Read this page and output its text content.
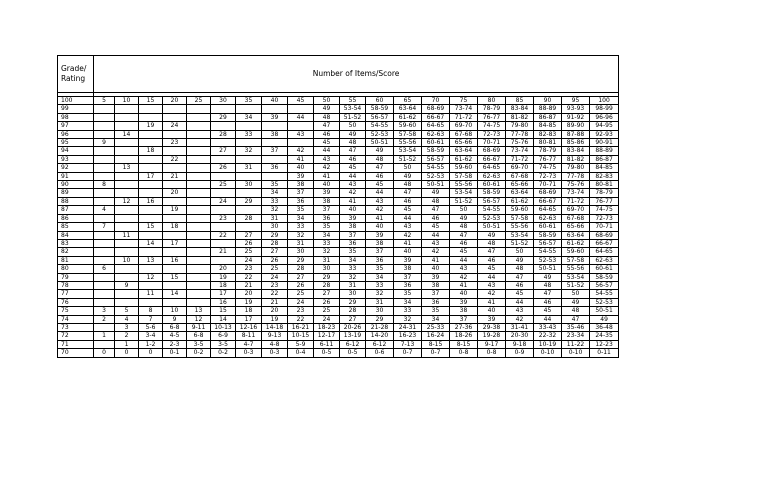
Grade/
Rating	Number of Items/Score																			

100	5	10	15	20	25	30	35	40	45	50	55	60	65	70	75	80	85	90	95	100
99										49	53-54	58-59	63-64	68-69	73-74	78-79	83-84	88-89	93-93	98-99
98						29	34	39	44	48	51-52	56-57	61-62	66-67	71-72	76-77	81-82	86-87	91-92	96-96
97			19	24						47	50	54-55	59-60	64-65	69-70	74-75	79-80	84-85	89-90	94-95
96		14				28	33	38	43	46	49	52-53	57-58	62-63	67-68	72-73	77-78	82-83	87-88	92-93
95	9			23						45	48	50-51	55-56	60-61	65-66	70-71	75-76	80-81	85-86	90-91
94			18			27	32	37	42	44	47	49	53-54	58-59	63-64	68-69	73-74	78-79	83-84	88-89
93				22					41	43	46	48	51-52	56-57	61-62	66-67	71-72	76-77	81-82	86-87
92		13				26	31	36	40	42	45	47	50	54-55	59-60	64-65	69-70	74-75	79-80	84-85
91			17	21					39	41	44	46	49	52-53	57-58	62-63	67-68	72-73	77-78	82-83
90	8					25	30	35	38	40	43	45	48	50-51	55-56	60-61	65-66	70-71	75-76	80-81
89				20				34	37	39	42	44	47	49	53-54	58-59	63-64	68-69	73-74	78-79
88		12	16			24	29	33	36	38	41	43	46	48	51-52	56-57	61-62	66-67	71-72	76-77
87	4			19				32	35	37	40	42	45	47	50	54-55	59-60	64-65	69-70	74-75
86						23	28	31	34	36	39	41	44	46	49	52-53	57-58	62-63	67-68	72-73
85	7		15	18				30	33	35	38	40	43	45	48	50-51	55-56	60-61	65-66	70-71
84		11				22	27	29	32	34	37	39	42	44	47	49	53-54	58-59	63-64	68-69
83			14	17			26	28	31	33	36	38	41	43	46	48	51-52	56-57	61-62	66-67
82						21	25	27	30	32	35	37	40	42	45	47	50	54-55	59-60	64-65
81		10	13	16			24	26	29	31	34	36	39	41	44	46	49	52-53	57-58	62-63
80	6					20	23	25	28	30	33	35	38	40	43	45	48	50-51	55-56	60-61
79			12	15		19	22	24	27	29	32	34	37	39	42	44	47	49	53-54	58-59
78		9				18	21	23	26	28	31	33	36	38	41	43	46	48	51-52	56-57
77			11	14		17	20	22	25	27	30	32	35	37	40	42	45	47	50	54-55
76						16	19	21	24	26	29	31	34	36	39	41	44	46	49	52-53
75	3	5	8	10	13	15	18	20	23	25	28	30	33	35	38	40	43	45	48	50-51
74	2	4	7	9	12	14	17	19	22	24	27	29	32	34	37	39	42	44	47	49
73		3	5-6	6-8	9-11	10-13	12-16	14-18	16-21	18-23	20-26	21-28	24-31	25-33	27-36	29-38	31-41	33-43	35-46	36-48
72	1	2	3-4	4-5	6-8	6-9	8-11	9-13	10-15	12-17	13-19	14-20	16-23	16-24	18-26	19-28	20-30	22-32	23-34	24-35
71		1	1-2	2-3	3-5	3-5	4-7	4-8	5-9	6-11	6-12	6-12	7-13	8-15	8-15	9-17	9-18	10-19	11-22	12-23
70	0	0	0	0-1	0-2	0-2	0-3	0-3	0-4	0-5	0-5	0-6	0-7	0-7	0-8	0-8	0-9	0-10	0-10	0-11
